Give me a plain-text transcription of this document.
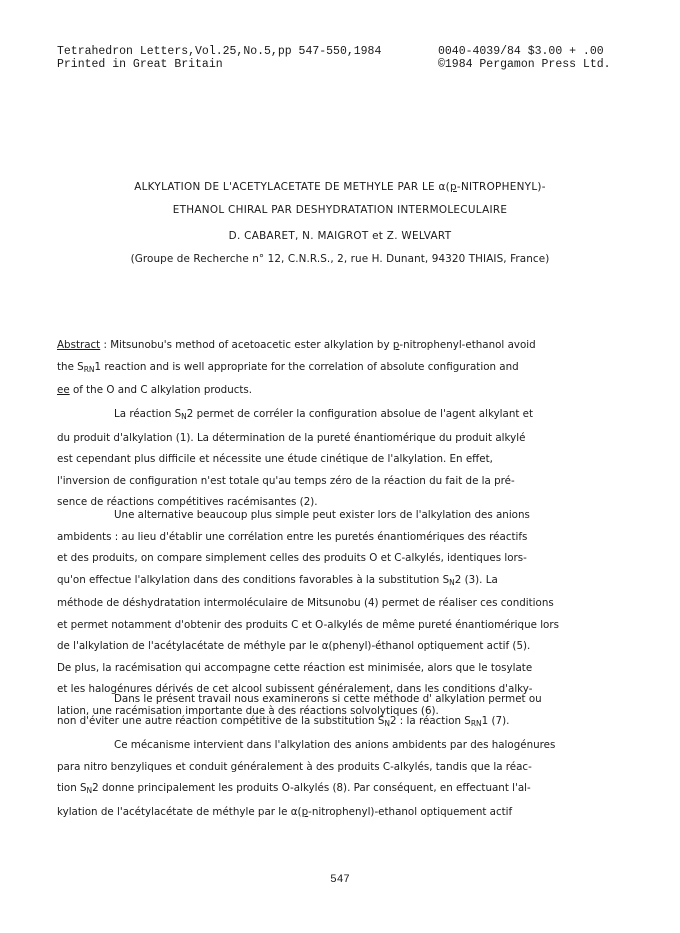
Tetrahedron Letters,Vol.25,No.5,pp 547-550,1984
Printed in Great Britain
0040-4039/84 $3.00 + .00
©1984 Pergamon Press Ltd.
ALKYLATION DE L'ACETYLACETATE DE METHYLE PAR LE α(p-NITROPHENYL)-
ETHANOL CHIRAL PAR DESHYDRATATION INTERMOLECULAIRE
D. CABARET, N. MAIGROT et Z. WELVART
(Groupe de Recherche n° 12, C.N.R.S., 2, rue H. Dunant, 94320 THIAIS, France)
Abstract : Mitsunobu's method of acetoacetic ester alkylation by p-nitrophenyl-ethanol avoid
the $S_{RN}1$ reaction and is well appropriate for the correlation of absolute configuration and
ee of the O and C alkylation products.
La réaction $S_N2$ permet de corréler la configuration absolue de l'agent alkylant et
du produit d'alkylation (1). La détermination de la pureté énantiomérique du produit alkylé
est cependant plus difficile et nécessite une étude cinétique de l'alkylation. En effet,
l'inversion de configuration n'est totale qu'au temps zéro de la réaction du fait de la pré-
sence de réactions compétitives racémisantes (2).
Une alternative beaucoup plus simple peut exister lors de l'alkylation des anions
ambidents : au lieu d'établir une corrélation entre les puretés énantiomériques des réactifs
et des produits, on compare simplement celles des produits O et C-alkylés, identiques lors-
qu'on effectue l'alkylation dans des conditions favorables à la substitution $S_N2$ (3). La
méthode de déshydratation intermoléculaire de Mitsunobu (4) permet de réaliser ces conditions
et permet notamment d'obtenir des produits C et O-alkylés de même pureté énantiomérique lors
de l'alkylation de l'acétylacétate de méthyle par le α(phenyl)-éthanol optiquement actif (5).
De plus, la racémisation qui accompagne cette réaction est minimisée, alors que le tosylate
et les halogénures dérivés de cet alcool subissent généralement, dans les conditions d'alky-
lation, une racémisation importante due à des réactions solvolytiques (6).
Dans le présent travail nous examinerons si cette méthode d' alkylation permet ou
non d'éviter une autre réaction compétitive de la substitution $S_N2$ : la réaction $S_{RN}1$ (7).
Ce mécanisme intervient dans l'alkylation des anions ambidents par des halogénures
para nitro benzyliques et conduit généralement à des produits C-alkylés, tandis que la réac-
tion $S_N2$ donne principalement les produits O-alkylés (8). Par conséquent, en effectuant l'al-
kylation de l'acétylacétate de méthyle par le α(p-nitrophenyl)-ethanol optiquement actif
547
